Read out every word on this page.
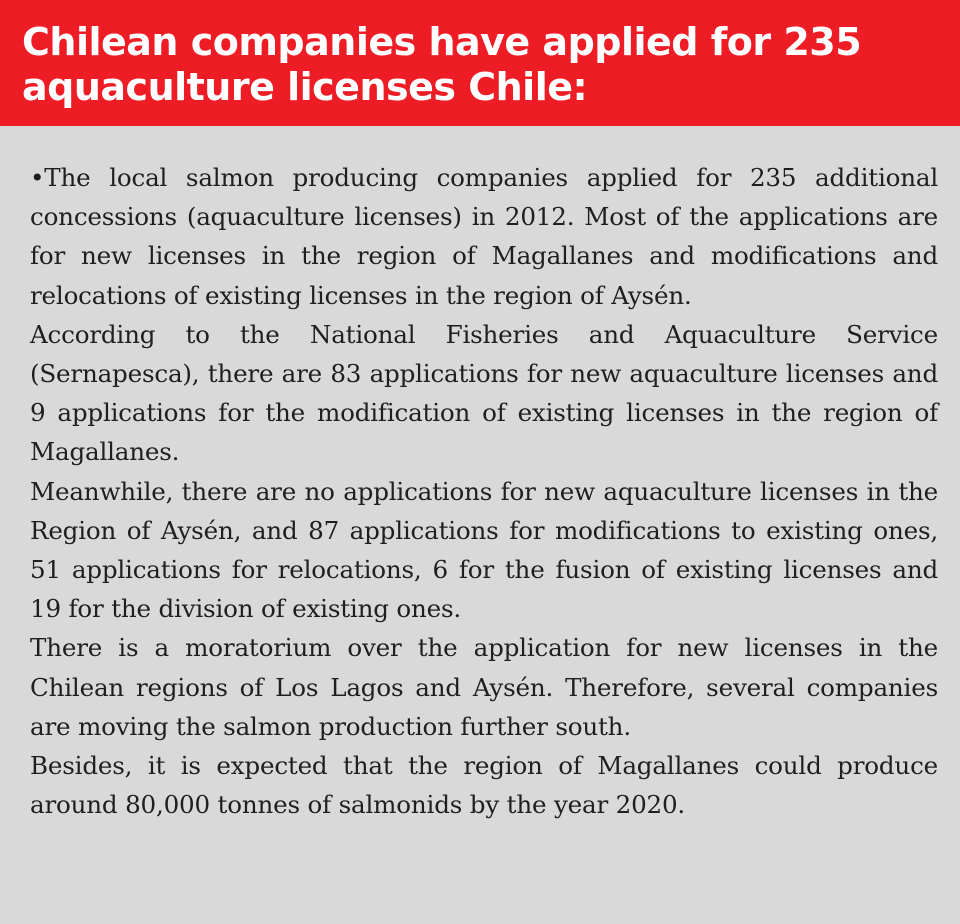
Chilean companies have applied for 235 aquaculture licenses Chile:

•The local salmon producing companies applied for 235 additional concessions (aquaculture licenses) in 2012. Most of the applications are for new licenses in the region of Magallanes and modifications and relocations of existing licenses in the region of Aysén.

According to the National Fisheries and Aquaculture Service (Sernapesca), there are 83 applications for new aquaculture licenses and 9 applications for the modification of existing licenses in the region of Magallanes.

Meanwhile, there are no applications for new aquaculture licenses in the Region of Aysén, and 87 applications for modifications to existing ones, 51 applications for relocations, 6 for the fusion of existing licenses and 19 for the division of existing ones.

There is a moratorium over the application for new licenses in the Chilean regions of Los Lagos and Aysén. Therefore, several companies are moving the salmon production further south.

Besides, it is expected that the region of Magallanes could produce around 80,000 tonnes of salmonids by the year 2020.
